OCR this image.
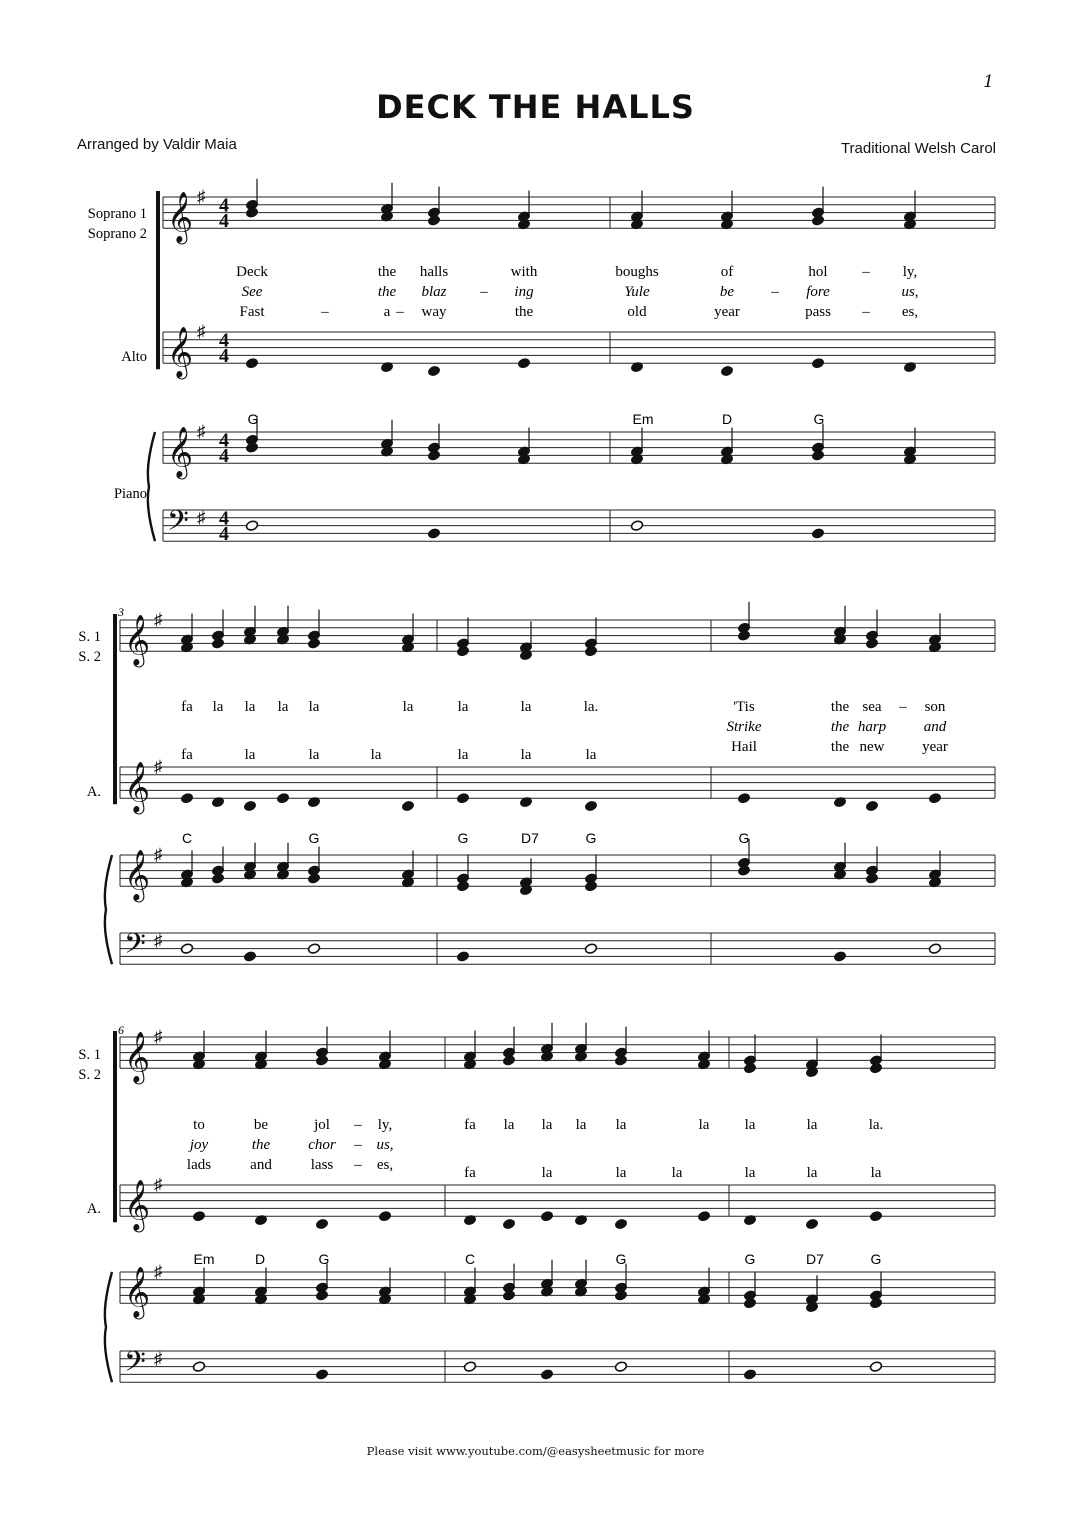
DECK THE HALLS
1
Arranged by Valdir Maia	Traditional Welsh Carol
Soprano 1
Soprano 2
Alto
Piano
S. 1
S. 2
A.
S. 1
S. 2
A.
𝄞 ♯ 4
4
𝄞 ♯ 4
4
𝄞 ♯ 4
4
𝄢 ♯ 4
4
𝄞 ♯
𝄞 ♯
𝄞 ♯
𝄢 ♯
𝄞 ♯
𝄞 ♯
𝄞 ♯
𝄢 ♯
G	Em	D	G
Deck	the halls	with	boughs	of	hol – ly,
See	the blaz – ing	Yule	be – fore	us,
Fast	–	a – way	the	old	year	pass – es,
3
C	G	G	D7	G	G
fa la la la la	la	la	la	la.	'Tis	the sea – son
Strike	the harp	and
Hail	the new	year
fa	la	la	la	la	la	la
6
Em	D	G	C	G	G	D7	G
to	be	jol – ly,	fa la la la la	la la	la	la.
joy	the	chor – us,
lads	and	lass – es,	fa	la	la	la	la	la	la
Please visit www.youtube.com/@easysheetmusic for more
